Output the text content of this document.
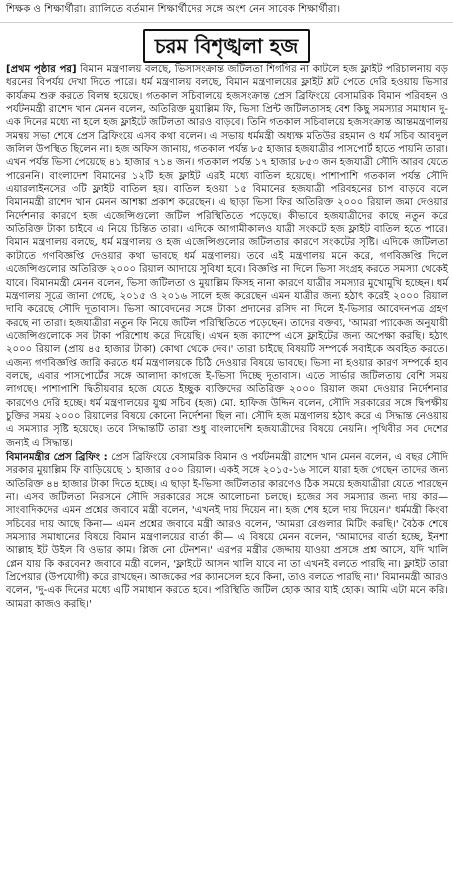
শিক্ষক ও শিক্ষার্থীরা। র‍্যালিতে বর্তমান শিক্ষার্থীদের সঙ্গে অংশ নেন সাবেক শিক্ষার্থীরা।
চরম বিশৃঙ্খলা হজ

[প্রথম পৃষ্ঠার পর] বিমান মন্ত্রণালয় বলছে, ভিসাসংক্রান্ত জটিলতা শিগগির না কাটলে হজ ফ্লাইট পরিচালনায় বড় ধরনের বিপর্যয় দেখা দিতে পারে। ধর্ম মন্ত্রণালয় বলছে, বিমান মন্ত্রণালয়ের ফ্লাইট শ্লট পেতে দেরি হওয়ায় ভিসার কার্যক্রম শুরু করতে বিলম্ব হয়েছে। গতকাল সচিবালয়ে হজসংক্রান্ত প্রেস ব্রিফিংয়ে বেসামরিক বিমান পরিবহন ও পর্যটনমন্ত্রী রাশেদ খান মেনন বলেন, অতিরিক্ত মুয়াল্লিম ফি, ভিসা প্রিন্ট জটিলতাসহ বেশ কিছু সমস্যার সমাধান দু-এক দিনের মধ্যে না হলে হজ ফ্লাইটে জটিলতা আরও বাড়বে। তিনি গতকাল সচিবালয়ে হজসংক্রান্ত আন্তমন্ত্রণালয় সমন্বয় সভা শেষে প্রেস ব্রিফিংয়ে এসব কথা বলেন। এ সভায় ধর্মমন্ত্রী অধ্যক্ষ মতিউর রহমান ও ধর্ম সচিব আবদুল জলিল উপস্থিত ছিলেন না। হজ অফিস জানায়, গতকাল পর্যন্ত ৮৫ হাজার হজযাত্রীর পাসপোর্ট হাতে পায়নি তারা। এখন পর্যন্ত ভিসা পেয়েছে ৪১ হাজার ৭১৪ জন। গতকাল পর্যন্ত ১৭ হাজার ৮৫৩ জন হজযাত্রী সৌদি আরব যেতে পারেননি। বাংলাদেশ বিমানের ১২টি হজ ফ্লাইট এরই মধ্যে বাতিল হয়েছে। পাশাপাশি গতকাল পর্যন্ত সৌদি এয়ারলাইনসের ৩টি ফ্লাইট বাতিল হয়। বাতিল হওয়া ১৫ বিমানের হজযাত্রী পরিবহনের চাপ বাড়বে বলে বিমানমন্ত্রী রাশেদ খান মেনন আশঙ্কা প্রকাশ করেছেন। এ ছাড়া ভিসা ফির অতিরিক্ত ২০০০ রিয়াল জমা দেওয়ার নির্দেশনার কারণে হজ এজেন্সিগুলো জটিল পরিস্থিতিতে পড়েছে। কীভাবে হজযাত্রীদের কাছে নতুন করে অতিরিক্ত টাকা চাইবে এ নিয়ে চিন্তিত তারা। এদিকে আগামীকালও যাত্রী সংকটে হজ ফ্লাইট বাতিল হতে পারে। বিমান মন্ত্রণালয় বলছে, ধর্ম মন্ত্রণালয় ও হজ এজেন্সিগুলোর জটিলতার কারণে সংকটের সৃষ্টি। এদিকে জটিলতা কাটাতে গণবিজ্ঞপ্তি দেওয়ার কথা ভাবছে ধর্ম মন্ত্রণালয়। তবে এই মন্ত্রণালয় মনে করে, গণবিজ্ঞপ্তি দিলে এজেন্সিগুলোর অতিরিক্ত ২০০০ রিয়াল আদায়ে সুবিধা হবে। বিজ্ঞপ্তি না দিলে ভিসা সংগ্রহ করতে সমস্যা থেকেই যাবে। বিমানমন্ত্রী মেনন বলেন, ভিসা জটিলতা ও মুয়াল্লিম ফিসহ নানা কারণে যাত্রীর সমস্যার মুখোমুখি হচ্ছেন। ধর্ম মন্ত্রণালয় সূত্রে জানা গেছে, ২০১৫ ও ২০১৬ সালে হজ করেছেন এমন যাত্রীর জন্য হঠাৎ করেই ২০০০ রিয়াল দাবি করেছে সৌদি দূতাবাস। ভিসা আবেদনের সঙ্গে টাকা প্রদানের রসিদ না দিলে ই-ভিসার আবেদনপত্র গ্রহণ করছে না তারা। হজযাত্রীরা নতুন ফি নিয়ে জটিল পরিস্থিতিতে পড়েছেন। তাদের বক্তব্য, 'আমরা প্যাকেজ অনুযায়ী এজেন্সিগুলোকে সব টাকা পরিশোধ করে দিয়েছি। এখন হজ ক্যাম্পে এসে ফ্লাইটের জন্য অপেক্ষা করছি। হঠাৎ ২০০০ রিয়াল (প্রায় ৪৫ হাজার টাকা) কোথা থেকে দেব।' তারা চাইছে বিষয়টি সম্পর্কে সবাইকে অবহিত করতে। এজন্য গণবিজ্ঞপ্তি জারি করতে ধর্ম মন্ত্রণালয়কে চিঠি দেওয়ার বিষয়ে ভাবছে। ভিসা না হওয়ার কারণ সম্পর্কে হাব বলছে, এবার পাসপোর্টের সঙ্গে আলাদা কাগজে ই-ভিসা দিচ্ছে দূতাবাস। এতে সার্ভার জটিলতায় বেশি সময় লাগছে। পাশাপাশি দ্বিতীয়বার হজে যেতে ইচ্ছুক ব্যক্তিদের অতিরিক্ত ২০০০ রিয়াল জমা দেওয়ার নির্দেশনার কারণেও দেরি হচ্ছে। ধর্ম মন্ত্রণালয়ের যুগ্ম সচিব (হজ) মো. হাফিজ উদ্দিন বলেন, সৌদি সরকারের সঙ্গে দ্বিপক্ষীয় চুক্তির সময় ২০০০ রিয়ালের বিষয়ে কোনো নির্দেশনা ছিল না। সৌদি হজ মন্ত্রণালয় হঠাৎ করে এ সিদ্ধান্ত নেওয়ায় এ সমস্যার সৃষ্টি হয়েছে। তবে সিদ্ধান্তটি তারা শুধু বাংলাদেশি হজযাত্রীদের বিষয়ে নেয়নি। পৃথিবীর সব দেশের জন্যই এ সিদ্ধান্ত।

বিমানমন্ত্রীর প্রেস ব্রিফিং : প্রেস ব্রিফিংয়ে বেসামরিক বিমান ও পর্যটনমন্ত্রী রাশেদ খান মেনন বলেন, এ বছর সৌদি সরকার মুয়াল্লিম ফি বাড়িয়েছে ১ হাজার ৫০০ রিয়াল। একই সঙ্গে ২০১৫-১৬ সালে যারা হজ গেছেন তাদের জন্য অতিরিক্ত ৪৪ হাজার টাকা দিতে হচ্ছে। এ ছাড়া ই-ভিসা জটিলতার কারণেও ঠিক সময়ে হজযাত্রীরা যেতে পারছেন না। এসব জটিলতা নিরসনে সৌদি সরকারের সঙ্গে আলোচনা চলছে। হজের সব সমস্যার জন্য দায় কার— সাংবাদিকদের এমন প্রশ্নের জবাবে মন্ত্রী বলেন, 'এখনই দায় দিয়েন না। হজ শেষ হলে দায় দিয়েন।' ধর্মমন্ত্রী কিংবা সচিবের দায় আছে কিনা— এমন প্রশ্নের জবাবে মন্ত্রী আরও বলেন, 'আমরা রেগুলার মিটিং করছি।' বৈঠক শেষে সমস্যার সমাধানের বিষয়ে বিমান মন্ত্রণালয়ের বার্তা কী— এ বিষয়ে মেনন বলেন, 'আমাদের বার্তা হচ্ছে, ইনশা আল্লাহ ইট উইল বি ওভার কাম। প্লিজ নো টেনশন।' এরপর মন্ত্রীর জেদ্দায় যাওয়া প্রসঙ্গে প্রশ্ন আসে, যদি খালি প্লেন যায় কি করবেন? জবাবে মন্ত্রী বলেন, 'ফ্লাইটে আসন খালি যাবে না তা এখনই বলতে পারছি না। ফ্লাইট তারা প্রিপেয়ার (উপযোগী) করে রাখছেন। আজকের পর ক্যানসেল হবে কিনা, তাও বলতে পারছি না।' বিমানমন্ত্রী আরও বলেন, 'দু-এক দিনের মধ্যে এটি সমাধান করতে হবে। পরিস্থিতি জটিল হোক আর যাই হোক। আমি এটা মনে করি। আমরা কাজও করছি।'
